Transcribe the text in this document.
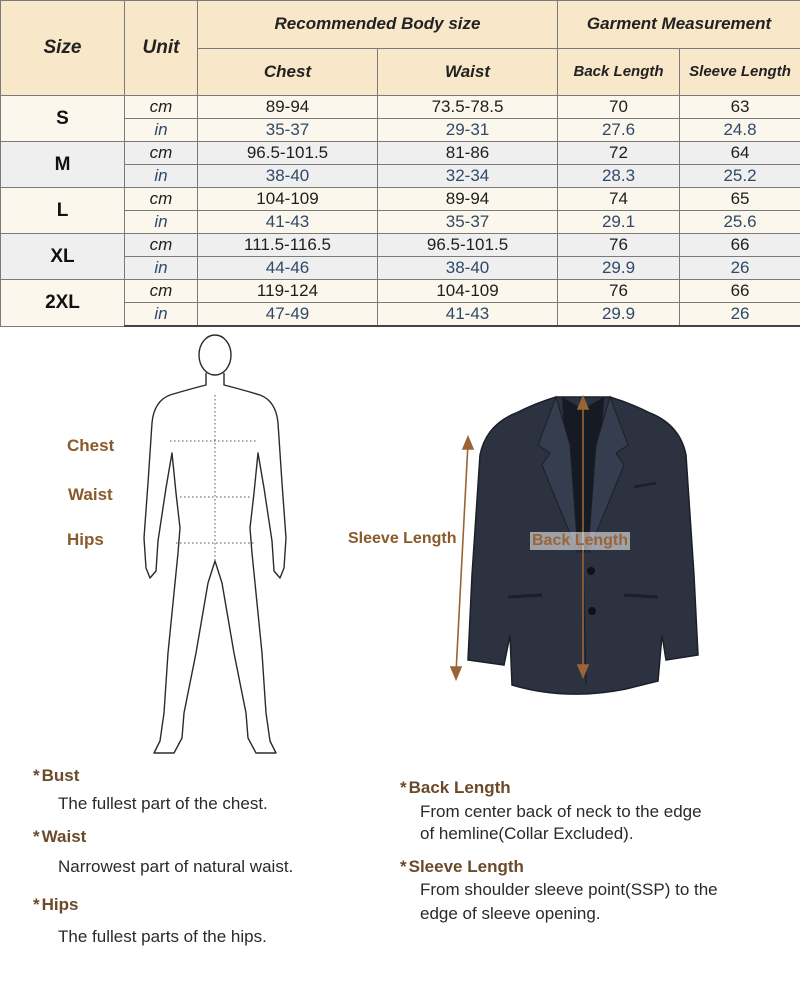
Size	Unit	Recommended Body size		Garment Measurement	
		Chest	Waist	Back Length	Sleeve Length
S	cm	89-94	73.5-78.5	70	63
	in	35-37	29-31	27.6	24.8
M	cm	96.5-101.5	81-86	72	64
	in	38-40	32-34	28.3	25.2
L	cm	104-109	89-94	74	65
	in	41-43	35-37	29.1	25.6
XL	cm	111.5-116.5	96.5-101.5	76	66
	in	44-46	38-40	29.9	26
2XL	cm	119-124	104-109	76	66
	in	47-49	41-43	29.9	26
Chest
Waist
Hips	Sleeve Length	Back Length
* Bust
The fullest part of the chest.
* Waist
Narrowest part of natural waist.
* Hips
The fullest parts of the hips.
* Back Length
From center back of neck to the edge
of hemline(Collar Excluded).
* Sleeve Length
From shoulder sleeve point(SSP) to the
edge of sleeve opening.
